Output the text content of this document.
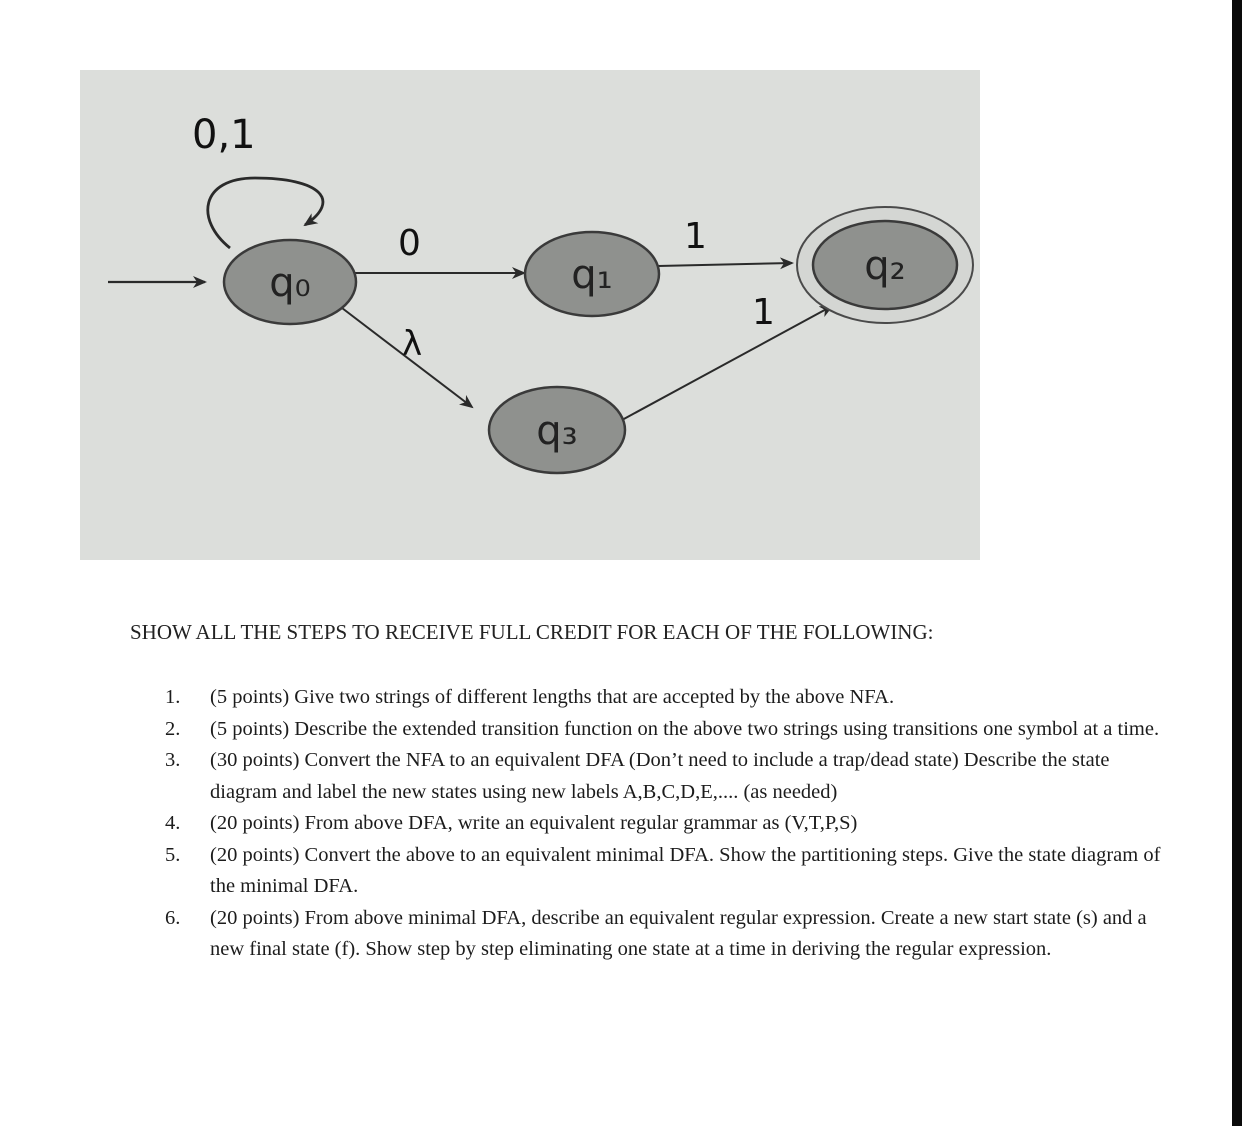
0,1
0
λ
1
1
q₀	q₁	q₂
q₃
SHOW ALL THE STEPS TO RECEIVE FULL CREDIT FOR EACH OF THE FOLLOWING:
1.	(5 points) Give two strings of different lengths that are accepted by the above NFA.
2.	(5 points) Describe the extended transition function on the above two strings using transitions one symbol at a time.
3.	(30 points) Convert the NFA to an equivalent DFA (Don’t need to include a trap/dead state) Describe the state diagram and label the new states using new labels A,B,C,D,E,.... (as needed)
4.	(20 points) From above DFA, write an equivalent regular grammar as (V,T,P,S)
5.	(20 points) Convert the above to an equivalent minimal DFA. Show the partitioning steps. Give the state diagram of the minimal DFA.
6.	(20 points) From above minimal DFA, describe an equivalent regular expression. Create a new start state (s) and a new final state (f). Show step by step eliminating one state at a time in deriving the regular expression.
